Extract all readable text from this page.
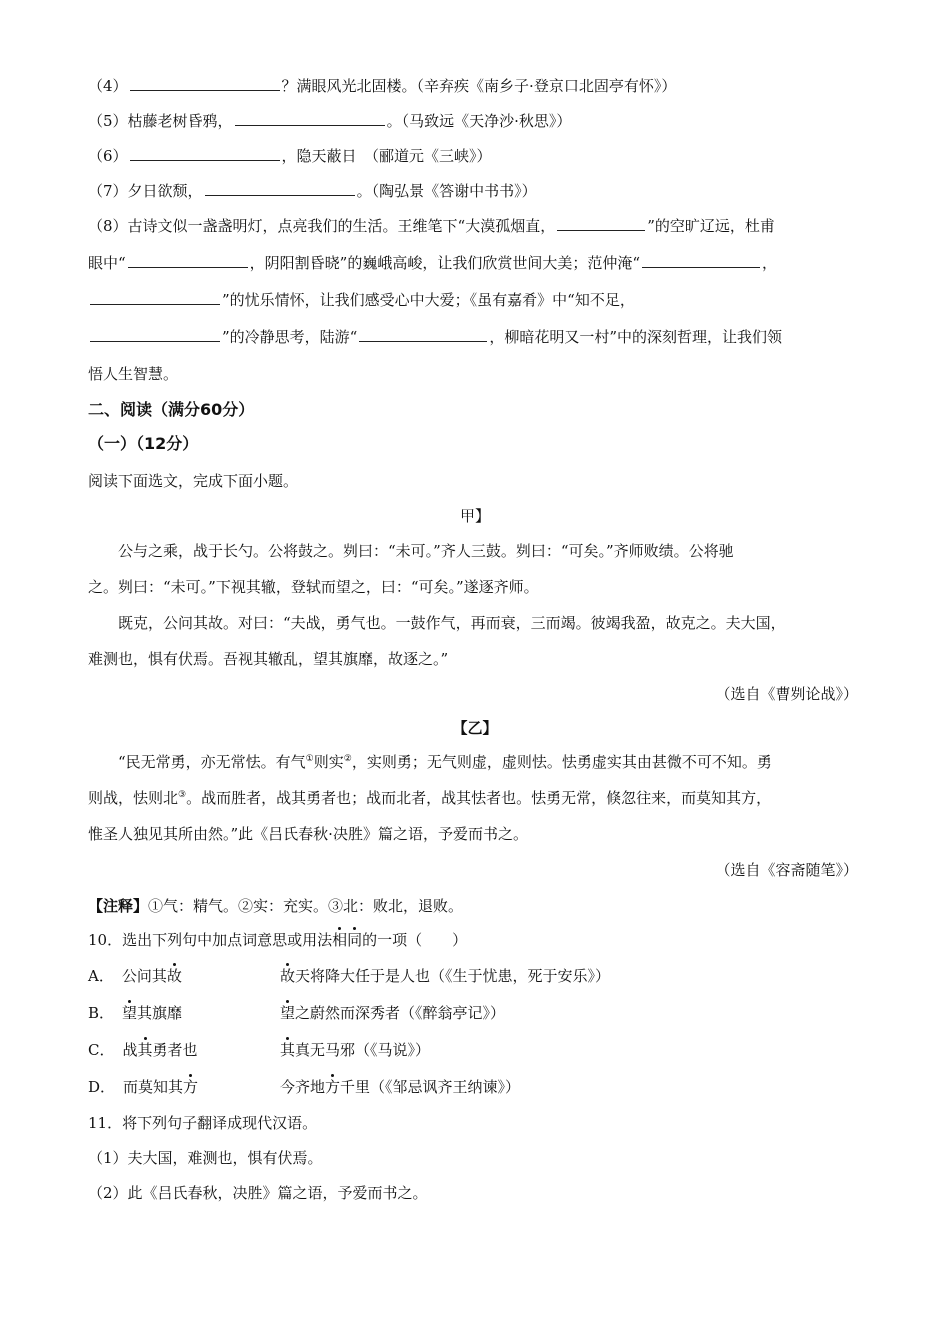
（4）	？满眼风光北固楼。（辛弃疾《南乡子·登京口北固亭有怀》）
（5）枯藤老树昏鸦，	。（马致远《天净沙·秋思》）
（6）	，隐天蔽日　（郦道元《三峡》）
（7）夕日欲颓，	。（陶弘景《答谢中书书》）
（8）古诗文似一盏盏明灯，点亮我们的生活。王维笔下“大漠孤烟直，	”的空旷辽远，杜甫
眼中“	，阴阳割昏晓”的巍峨高峻，让我们欣赏世间大美；范仲淹“	，
”的忧乐情怀，让我们感受心中大爱；《虽有嘉肴》中“知不足，
”的冷静思考，陆游“	，柳暗花明又一村”中的深刻哲理，让我们领
悟人生智慧。
二、阅读（满分60分）
（一）（12分）
阅读下面选文，完成下面小题。
甲】
公与之乘，战于长勺。公将鼓之。刿曰：“未可。”齐人三鼓。刿曰：“可矣。”齐师败绩。公将驰
之。刿曰：“未可。”下视其辙，登轼而望之，曰：“可矣。”遂逐齐师。
既克，公问其故。对曰：“夫战，勇气也。一鼓作气，再而衰，三而竭。彼竭我盈，故克之。夫大国，
难测也，惧有伏焉。吾视其辙乱，望其旗靡，故逐之。”
（选自《曹刿论战》）
【乙】
“民无常勇，亦无常怯。有气①则实②，实则勇；无气则虚，虚则怯。怯勇虚实其由甚微不可不知。勇
则战，怯则北③。战而胜者，战其勇者也；战而北者，战其怯者也。怯勇无常，倏忽往来，而莫知其方，
惟圣人独见其所由然。”此《吕氏春秋·决胜》篇之语，予爱而书之。
（选自《容斋随笔》）
【注释】①气：精气。②实：充实。③北：败北，退败。
10．选出下列句中加点词意思或用法相同的一项（　　）
A． 公问其故	故天将降大任于是人也（《生于忧患，死于安乐》）
B． 望其旗靡	望之蔚然而深秀者（《醉翁亭记》）
C． 战其勇者也	其真无马邪（《马说》）
D． 而莫知其方	今齐地方千里（《邹忌讽齐王纳谏》）
11．将下列句子翻译成现代汉语。
（1）夫大国，难测也，惧有伏焉。
（2）此《吕氏春秋，决胜》篇之语，予爱而书之。
